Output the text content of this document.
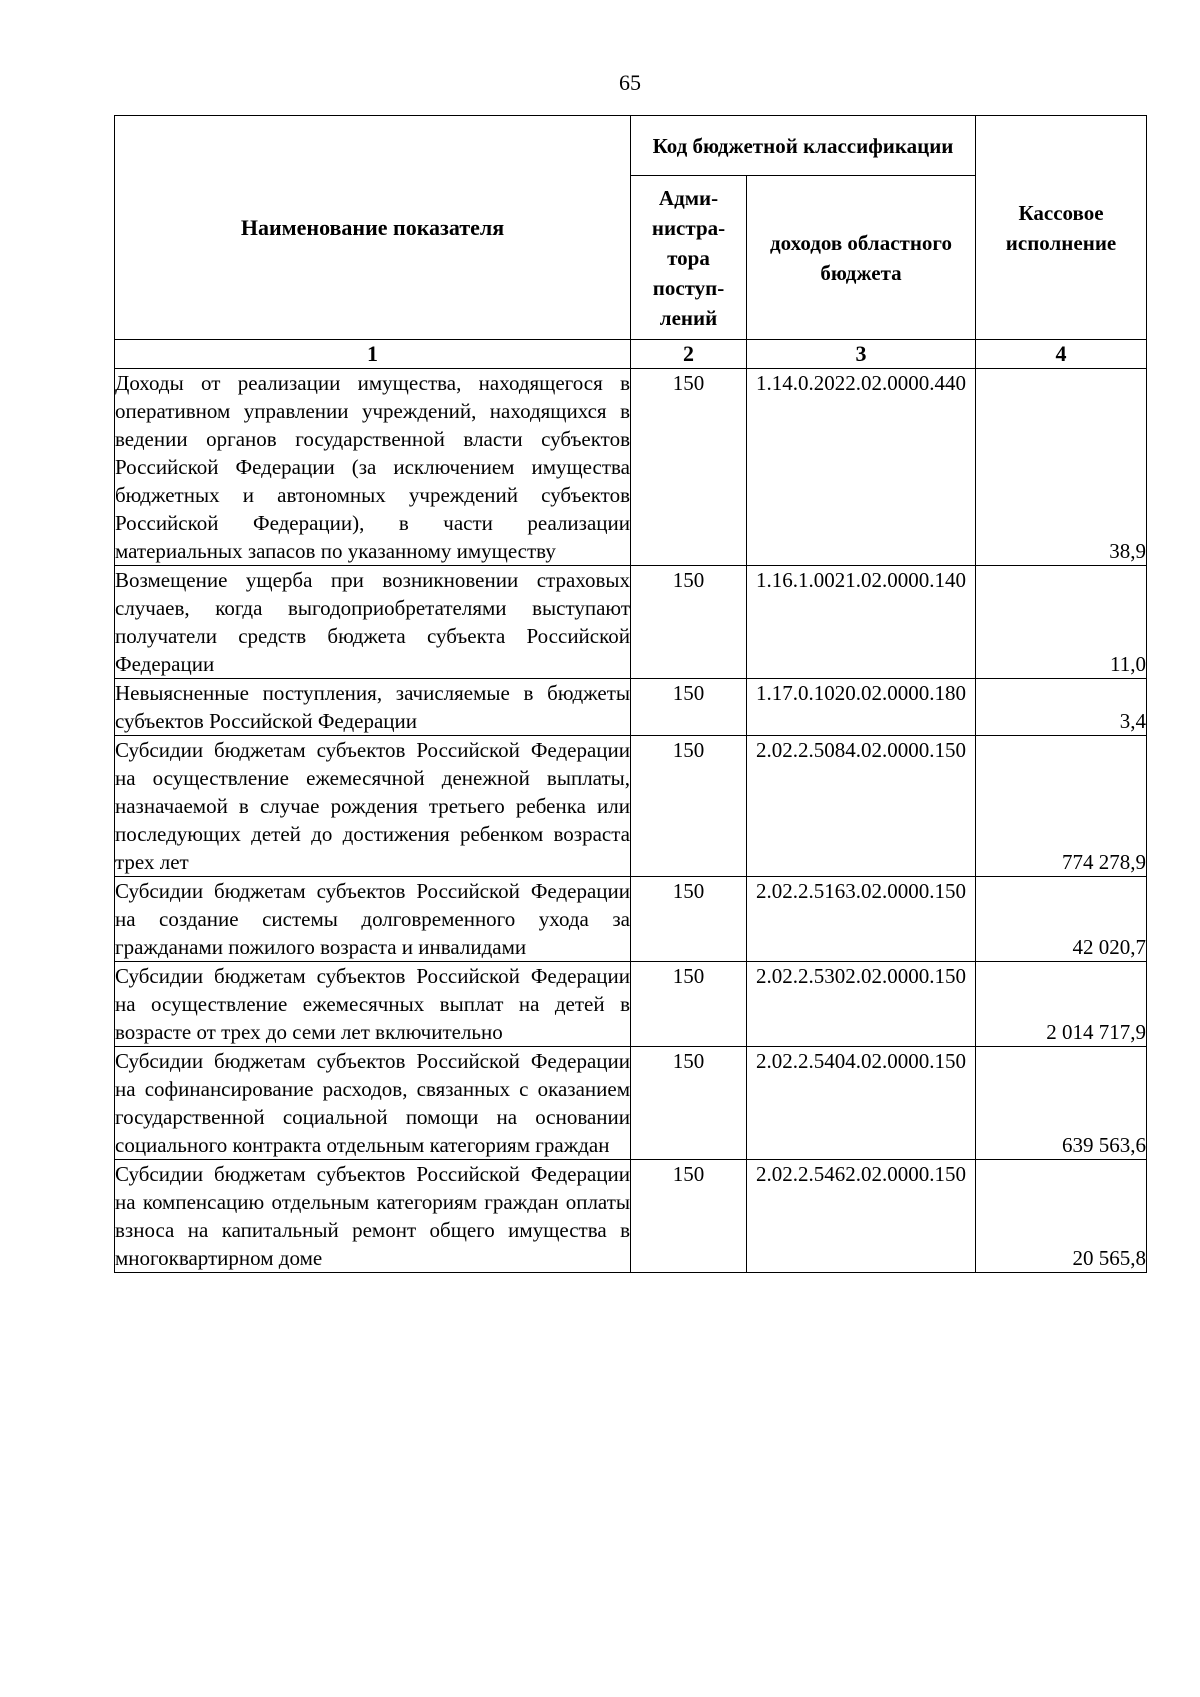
65
Наименование показателя	Код бюджетной классификации		Кассовое исполнение
	Адми-нистра-тора поступ-лений	доходов областного бюджета	
1	2	3	4
Доходы от реализации имущества, находящегося в оперативном управлении учреждений, находящихся в ведении органов государственной власти субъектов Российской Федерации (за исключением имущества бюджетных и автономных учреждений субъектов Российской Федерации), в части реализации материальных запасов по указанному имуществу	150	1.14.0.2022.02.0000.440	38,9
Возмещение ущерба при возникновении страховых случаев, когда выгодоприобретателями выступают получатели средств бюджета субъекта Российской Федерации	150	1.16.1.0021.02.0000.140	11,0
Невыясненные поступления, зачисляемые в бюджеты субъектов Российской Федерации	150	1.17.0.1020.02.0000.180	3,4
Субсидии бюджетам субъектов Российской Федерации на осуществление ежемесячной денежной выплаты, назначаемой в случае рождения третьего ребенка или последующих детей до достижения ребенком возраста трех лет	150	2.02.2.5084.02.0000.150	774 278,9
Субсидии бюджетам субъектов Российской Федерации на создание системы долговременного ухода за гражданами пожилого возраста и инвалидами	150	2.02.2.5163.02.0000.150	42 020,7
Субсидии бюджетам субъектов Российской Федерации на осуществление ежемесячных выплат на детей в возрасте от трех до семи лет включительно	150	2.02.2.5302.02.0000.150	2 014 717,9
Субсидии бюджетам субъектов Российской Федерации на софинансирование расходов, связанных с оказанием государственной социальной помощи на основании социального контракта отдельным категориям граждан	150	2.02.2.5404.02.0000.150	639 563,6
Субсидии бюджетам субъектов Российской Федерации на компенсацию отдельным категориям граждан оплаты взноса на капитальный ремонт общего имущества в многоквартирном доме	150	2.02.2.5462.02.0000.150	20 565,8
